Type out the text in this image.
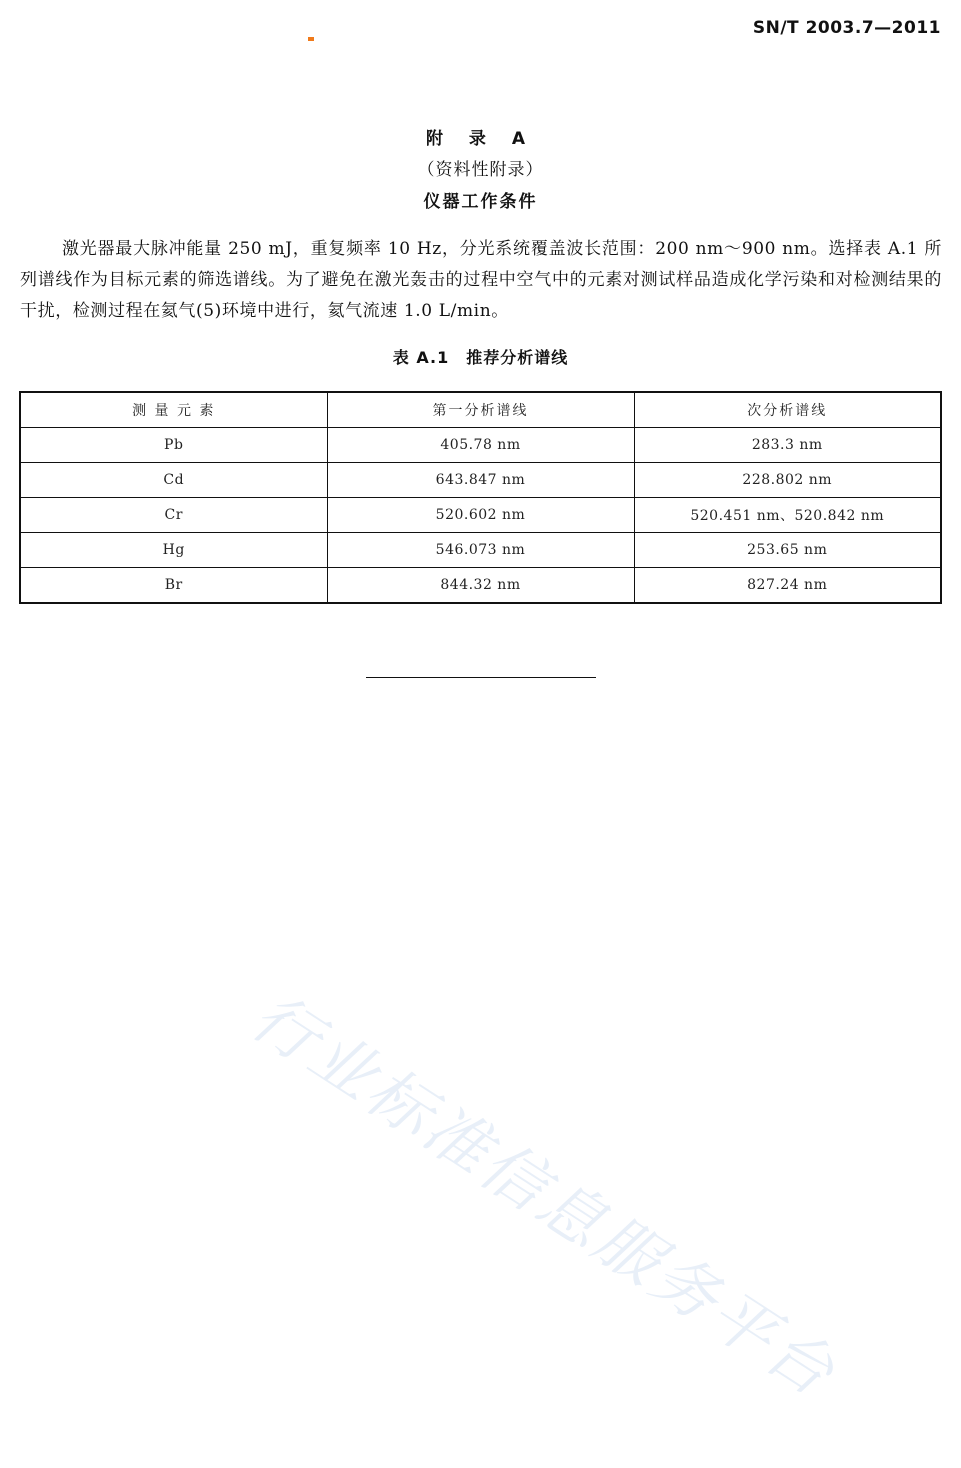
SN/T 2003.7—2011
附 录 A
（资料性附录）
仪器工作条件

激光器最大脉冲能量 250 mJ，重复频率 10 Hz，分光系统覆盖波长范围：200 nm～900 nm。选择表 A.1 所列谱线作为目标元素的筛选谱线。为了避免在激光轰击的过程中空气中的元素对测试样品造成化学污染和对检测结果的干扰，检测过程在氦气(5)环境中进行，氦气流速 1.0 L/min。

表 A.1　推荐分析谱线
测 量 元 素	第一分析谱线	次分析谱线
Pb	405.78 nm	283.3 nm
Cd	643.847 nm	228.802 nm
Cr	520.602 nm	520.451 nm、520.842 nm
Hg	546.073 nm	253.65 nm
Br	844.32 nm	827.24 nm
行业标准信息服务平台
